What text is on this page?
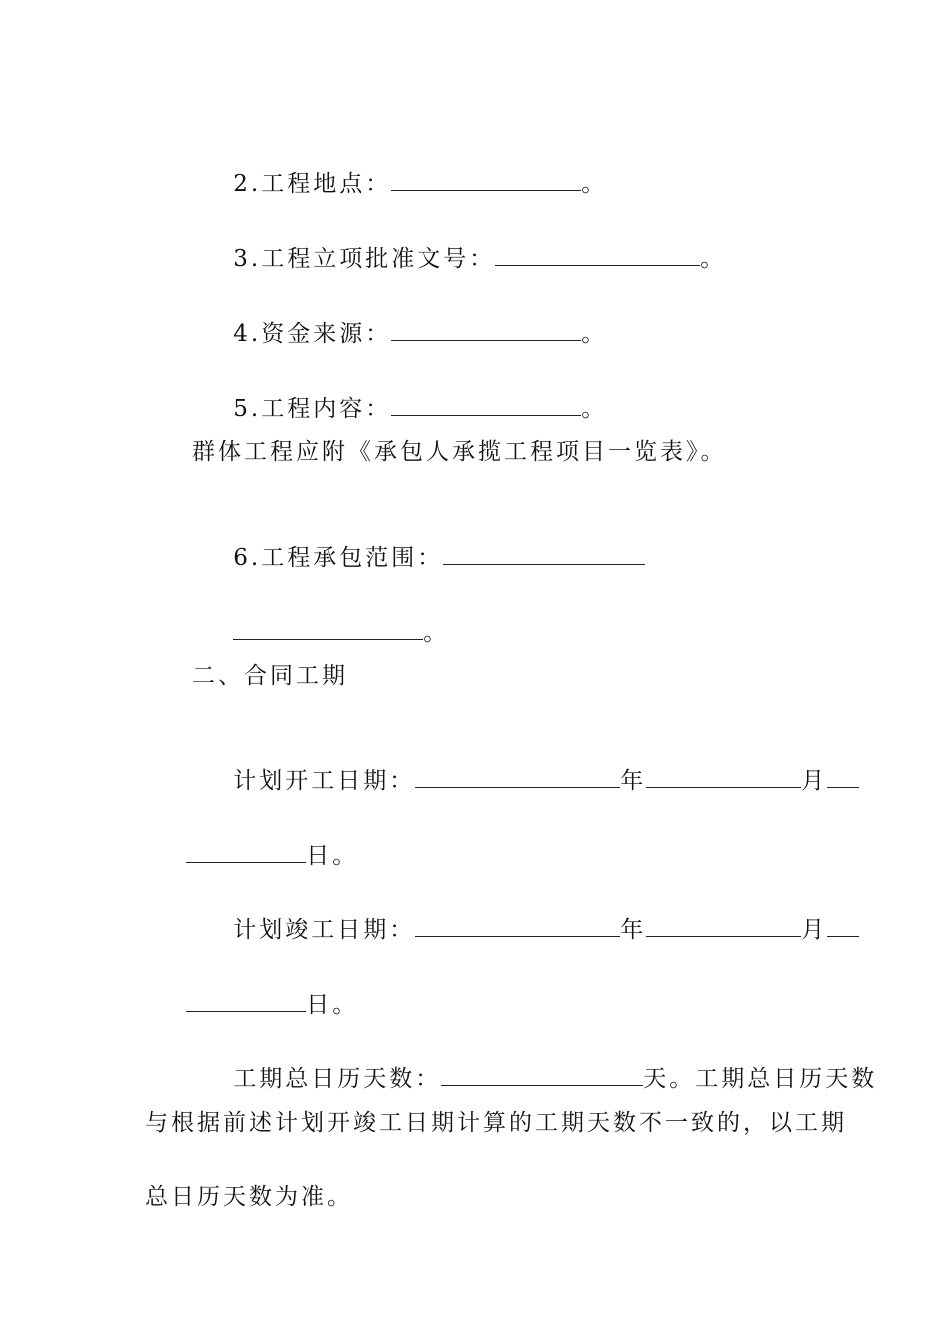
2.工程地点：	。

3.工程立项批准文号：	。

4.资金来源：	。

5.工程内容：	。

群体工程应附《承包人承揽工程项目一览表》。

6.工程承包范围：

。

二、合同工期

计划开工日期：	年	月

日。

计划竣工日期：	年	月

日。

工期总日历天数：	天。工期总日历天数

与根据前述计划开竣工日期计算的工期天数不一致的，以工期
总日历天数为准。
